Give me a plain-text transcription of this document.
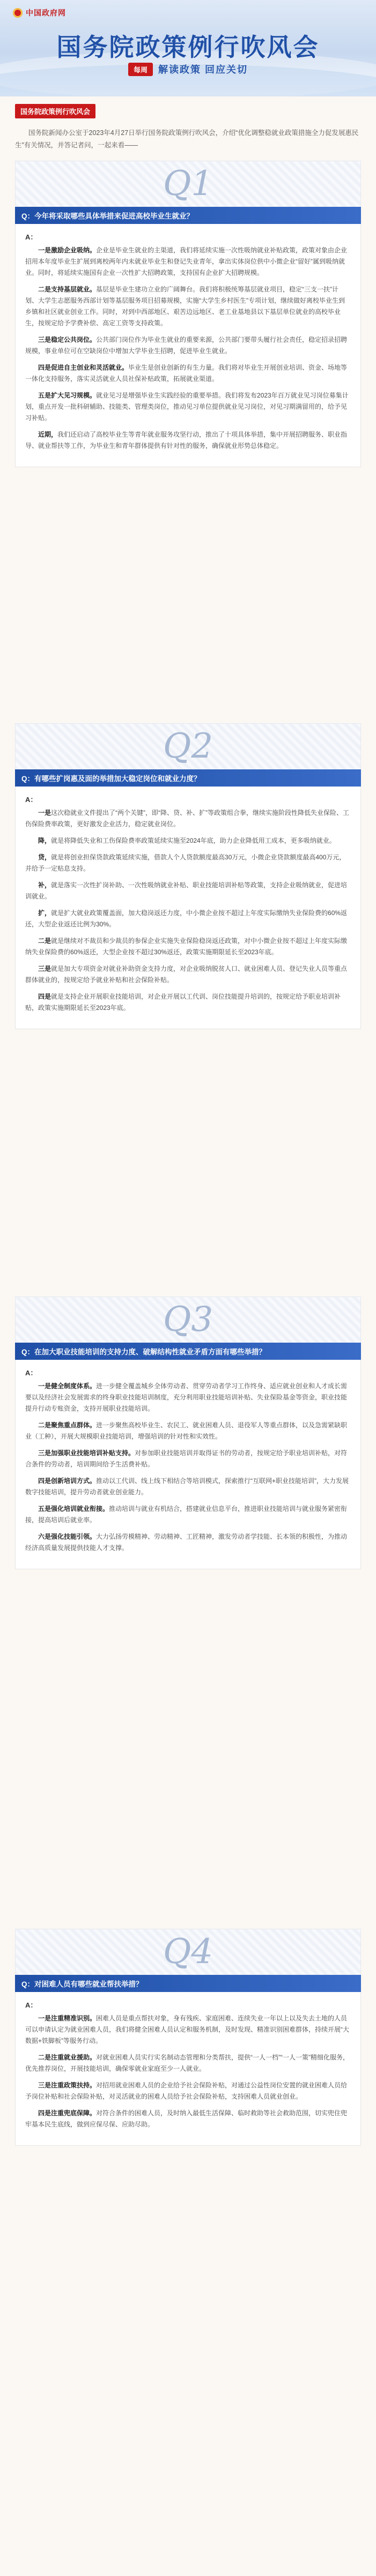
中国政府网
国务院政策例行吹风会
每周	解读政策 回应关切
国务院政策例行吹风会
国务院新闻办公室于2023年4月27日举行国务院政策例行吹风会，介绍“优化调整稳就业政策措施全力促发展惠民生”有关情况，并答记者问，一起来看——
Q1
Q：今年将采取哪些具体举措来促进高校毕业生就业？
A：

一是激励企业吸纳。企业是毕业生就业的主渠道，我们将延续实施一次性吸纳就业补贴政策，政策对象由企业招用本年度毕业生扩展到离校两年内未就业毕业生和登记失业青年，拿出实体岗位供中小微企业“留好”属到吸纳就业。同时，将延续实施国有企业一次性扩大招聘政策，支持国有企业扩大招聘规模。

二是支持基层就业。基层是毕业生建功立业的广阔舞台。我们将积极统筹基层就业项目，稳定“三支一扶”计划、大学生志愿服务西部计划等基层服务项目招募规模，实施“大学生乡村医生”专项计划，继续做好离校毕业生到乡镇和社区就业创业工作。同时，对到中西部地区、艰苦边远地区、老工业基地县以下基层单位就业的高校毕业生，按规定给予学费补偿、高定工资等支持政策。

三是稳定公共岗位。公共部门岗位作为毕业生就业的重要来源，公共部门要带头履行社会责任，稳定招录招聘规模，事业单位可在空缺岗位中增加大学毕业生招聘，促进毕业生就业。

四是促进自主创业和灵活就业。毕业生是创业创新的有生力量。我们将对毕业生开展创业培训、资金、场地等一体化支持服务，落实灵活就业人员社保补贴政策，拓展就业渠道。

五是扩大见习规模。就业见习是增强毕业生实践经验的重要举措。我们将发布2023年百万就业见习岗位募集计划，重点开发一批科研辅助、技能类、管理类岗位，推动见习单位提供就业见习岗位，对见习期满留用的，给予见习补贴。

近期，我们还启动了高校毕业生等青年就业服务攻坚行动，推出了十项具体举措，集中开展招聘服务、职业指导、就业帮扶等工作，为毕业生和青年群体提供有针对性的服务，确保就业形势总体稳定。

Q2
Q：有哪些扩岗惠及面的举措加大稳定岗位和就业力度？
A：

一是这次稳就业文件提出了“两个关键”，即“降、贷、补、扩”等政策组合拳，继续实施阶段性降低失业保险、工伤保险费率政策，更好激发企业活力，稳定就业岗位。

降，就是将降低失业和工伤保险费率政策延续实施至2024年底，助力企业降低用工成本，更多吸纳就业。

贷，就是将创业担保贷款政策延续实施，借款人个人贷款额度最高30万元，小微企业贷款额度最高400万元，并给予一定贴息支持。

补，就是落实一次性扩岗补助、一次性吸纳就业补贴、职业技能培训补贴等政策，支持企业吸纳就业，促进培训就业。

扩，就是扩大就业政策覆盖面，加大稳岗返还力度，中小微企业按不超过上年度实际缴纳失业保险费的60%返还，大型企业返还比例为30%。

二是就是继续对不裁员和少裁员的参保企业实施失业保险稳岗返还政策，对中小微企业按不超过上年度实际缴纳失业保险费的60%返还，大型企业按不超过30%返还，政策实施期限延长至2023年底。

三是就是加大专项资金对就业补助资金支持力度，对企业吸纳脱贫人口、就业困难人员、登记失业人员等重点群体就业的，按规定给予就业补贴和社会保险补贴。

四是就是支持企业开展职业技能培训，对企业开展以工代训、岗位技能提升培训的，按规定给予职业培训补贴，政策实施期限延长至2023年底。

Q3
Q：在加大职业技能培训的支持力度、破解结构性就业矛盾方面有哪些举措？
A：

一是健全制度体系。进一步健全覆盖城乡全体劳动者、贯穿劳动者学习工作终身、适应就业创业和人才成长需要以及经济社会发展需求的终身职业技能培训制度，充分利用职业技能培训补贴、失业保险基金等资金，职业技能提升行动专账资金，支持开展职业技能培训。

二是聚焦重点群体。进一步聚焦高校毕业生、农民工、就业困难人员、退役军人等重点群体，以及急需紧缺职业（工种），开展大规模职业技能培训，增强培训的针对性和实效性。

三是加强职业技能培训补贴支持。对参加职业技能培训并取得证书的劳动者，按规定给予职业培训补贴，对符合条件的劳动者，培训期间给予生活费补贴。

四是创新培训方式。推动以工代训、线上线下相结合等培训模式，探索推行“互联网+职业技能培训”，大力发展数字技能培训，提升劳动者就业创业能力。

五是强化培训就业衔接。推动培训与就业有机结合，搭建就业信息平台，推进职业技能培训与就业服务紧密衔接，提高培训后就业率。

六是强化技能引领。大力弘扬劳模精神、劳动精神、工匠精神，激发劳动者学技能、长本领的积极性，为推动经济高质量发展提供技能人才支撑。

Q4
Q：对困难人员有哪些就业帮扶举措？
A：

一是注重精准识别。困难人员是重点帮扶对象，身有残疾、家庭困难、连续失业一年以上以及失去土地的人员可以申请认定为就业困难人员，我们将健全困难人员认定和服务机制，及时发现、精准识别困难群体，持续开展“大数据+铁脚板”等服务行动。

二是注重就业援助。对就业困难人员实行实名制动态管理和分类帮扶，提供“一人一档”“一人一策”精细化服务，优先推荐岗位，开展技能培训，确保零就业家庭至少一人就业。

三是注重政策扶持。对招用就业困难人员的企业给予社会保险补贴，对通过公益性岗位安置的就业困难人员给予岗位补贴和社会保险补贴，对灵活就业的困难人员给予社会保险补贴，支持困难人员就业创业。

四是注重兜底保障。对符合条件的困难人员，及时纳入最低生活保障、临时救助等社会救助范围，切实兜住兜牢基本民生底线，做到应保尽保、应助尽助。
